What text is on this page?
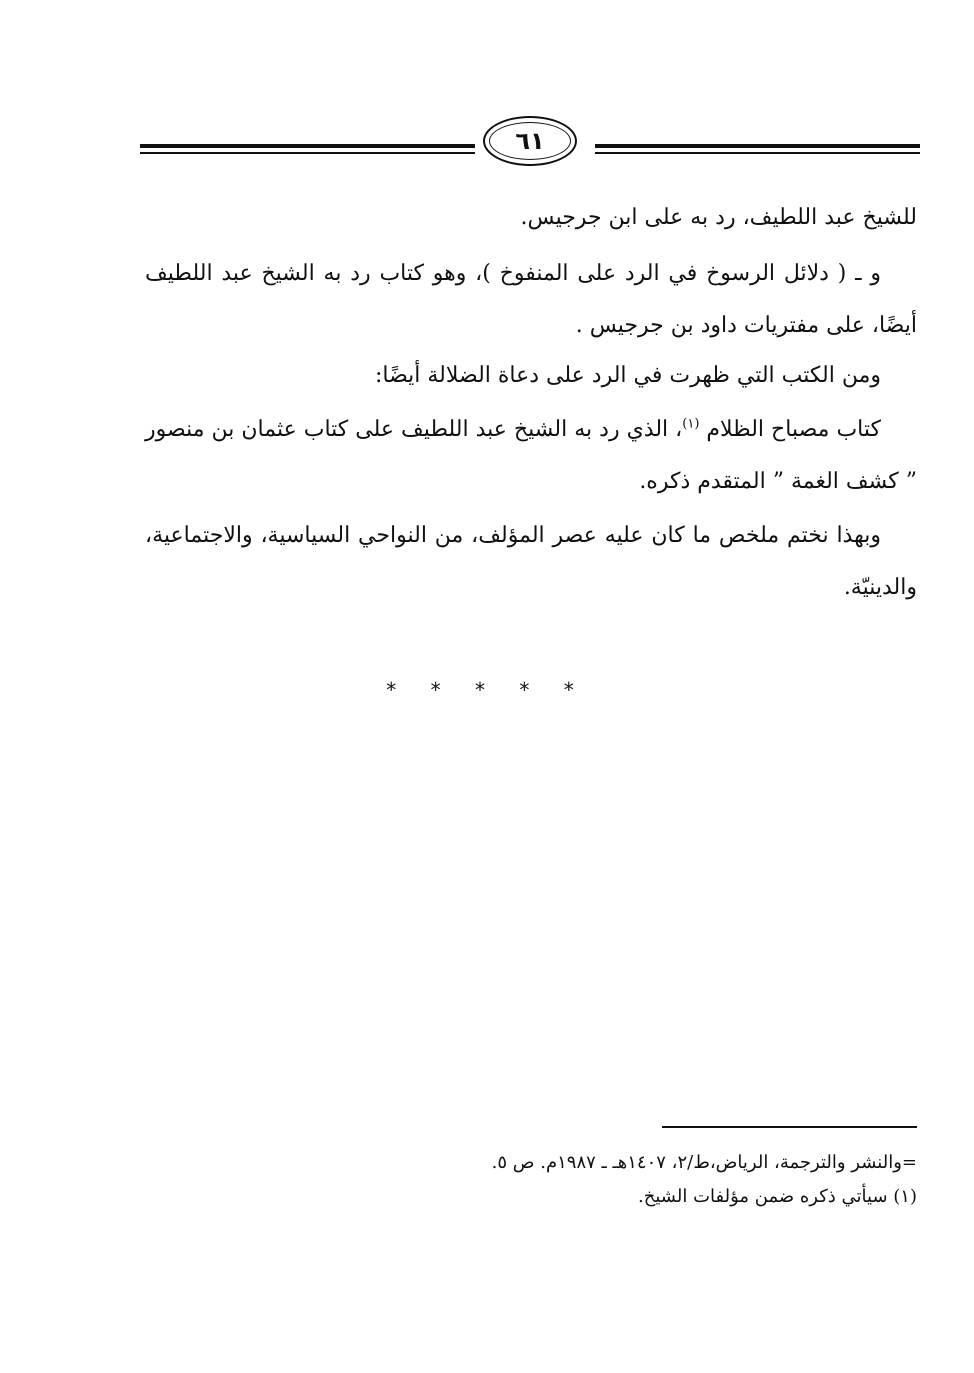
٦١

للشيخ عبد اللطيف، رد به على ابن جرجيس.

و ـ ( دلائل الرسوخ في الرد على المنفوخ )، وهو كتاب رد به الشيخ عبد اللطيف أيضًا، على مفتريات داود بن جرجيس .

ومن الكتب التي ظهرت في الرد على دعاة الضلالة أيضًا:

كتاب مصباح الظلام $^{(١)}$، الذي رد به الشيخ عبد اللطيف على كتاب عثمان بن منصور ” كشف الغمة ” المتقدم ذكره.

وبهذا نختم ملخص ما كان عليه عصر المؤلف، من النواحي السياسية، والاجتماعية، والدينيّة.

* * * * *

=والنشر والترجمة، الرياض،ط/٢، ١٤٠٧هـ ـ ١٩٨٧م. ص ٥.

(١) سيأتي ذكره ضمن مؤلفات الشيخ.
